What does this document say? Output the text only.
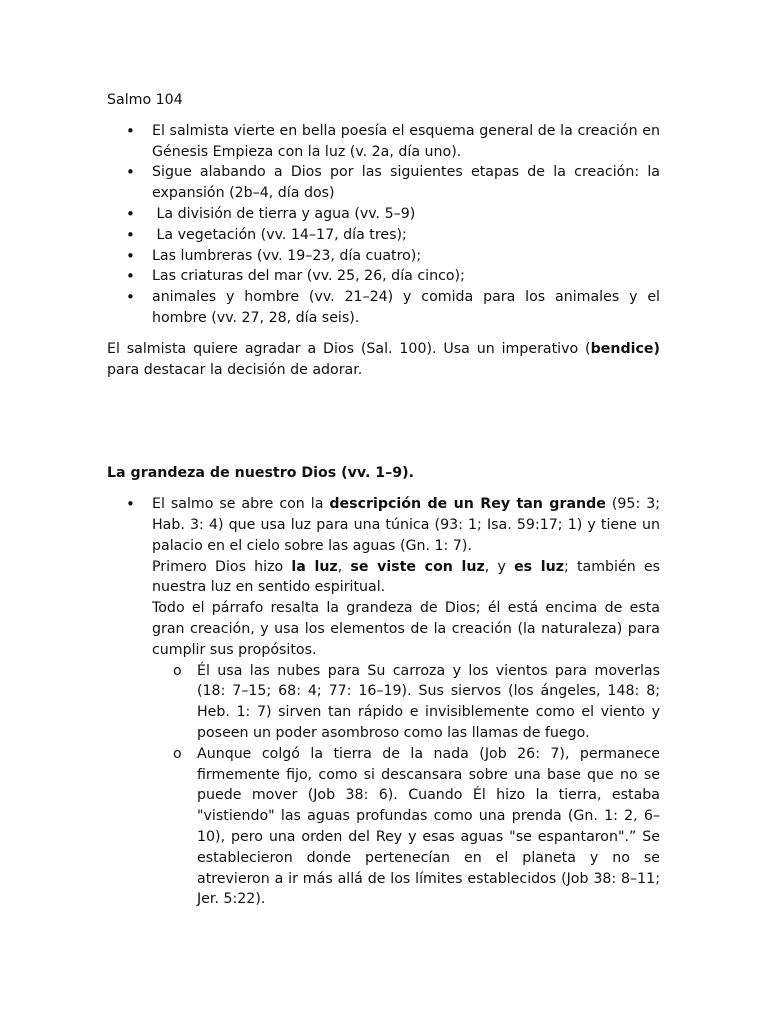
Salmo 104
• El salmista vierte en bella poesía el esquema general de la creación en Génesis Empieza con la luz (v. 2a, día uno).
• Sigue alabando a Dios por las siguientes etapas de la creación: la expansión (2b–4, día dos)
• La división de tierra y agua (vv. 5–9)
• La vegetación (vv. 14–17, día tres);
• Las lumbreras (vv. 19–23, día cuatro);
• Las criaturas del mar (vv. 25, 26, día cinco);
• animales y hombre (vv. 21–24) y comida para los animales y el hombre (vv. 27, 28, día seis).

El salmista quiere agradar a Dios (Sal. 100). Usa un imperativo (bendice) para destacar la decisión de adorar.

La grandeza de nuestro Dios (vv. 1–9).
• El salmo se abre con la descripción de un Rey tan grande (95: 3; Hab. 3: 4) que usa luz para una túnica (93: 1; Isa. 59:17; 1) y tiene un palacio en el cielo sobre las aguas (Gn. 1: 7).
Primero Dios hizo la luz, se viste con luz, y es luz; también es nuestra luz en sentido espiritual.
Todo el párrafo resalta la grandeza de Dios; él está encima de esta gran creación, y usa los elementos de la creación (la naturaleza) para cumplir sus propósitos.
o Él usa las nubes para Su carroza y los vientos para moverlas (18: 7–15; 68: 4; 77: 16–19). Sus siervos (los ángeles, 148: 8; Heb. 1: 7) sirven tan rápido e invisiblemente como el viento y poseen un poder asombroso como las llamas de fuego.
o Aunque colgó la tierra de la nada (Job 26: 7), permanece firmemente fijo, como si descansara sobre una base que no se puede mover (Job 38: 6). Cuando Él hizo la tierra, estaba "vistiendo" las aguas profundas como una prenda (Gn. 1: 2, 6–10), pero una orden del Rey y esas aguas "se espantaron".” Se establecieron donde pertenecían en el planeta y no se atrevieron a ir más allá de los límites establecidos (Job 38: 8–11; Jer. 5:22).
